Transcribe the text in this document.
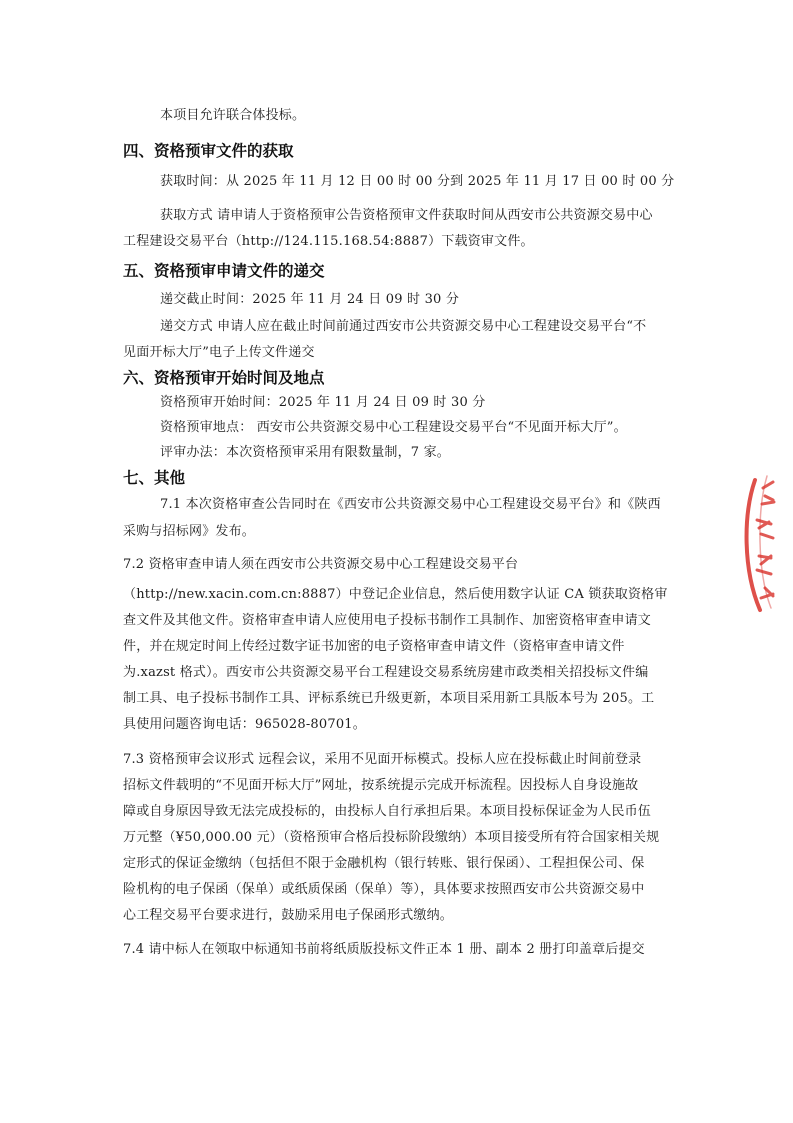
本项目允许联合体投标。
四、资格预审文件的获取
获取时间：从 2025 年 11 月 12 日 00 时 00 分到 2025 年 11 月 17 日 00 时 00 分
获取方式 请申请人于资格预审公告资格预审文件获取时间从西安市公共资源交易中心
工程建设交易平台（http://124.115.168.54:8887）下载资审文件。
五、资格预审申请文件的递交
递交截止时间：2025 年 11 月 24 日 09 时 30 分
递交方式 申请人应在截止时间前通过西安市公共资源交易中心工程建设交易平台“不
见面开标大厅”电子上传文件递交
六、资格预审开始时间及地点
资格预审开始时间：2025 年 11 月 24 日 09 时 30 分
资格预审地点： 西安市公共资源交易中心工程建设交易平台“不见面开标大厅”。
评审办法：本次资格预审采用有限数量制，7 家。
七、其他
7.1 本次资格审查公告同时在《西安市公共资源交易中心工程建设交易平台》和《陕西
采购与招标网》发布。
7.2 资格审查申请人须在西安市公共资源交易中心工程建设交易平台
（http://new.xacin.com.cn:8887）中登记企业信息，然后使用数字认证 CA 锁获取资格审
查文件及其他文件。资格审查申请人应使用电子投标书制作工具制作、加密资格审查申请文
件，并在规定时间上传经过数字证书加密的电子资格审查申请文件（资格审查申请文件
为.xazst 格式）。西安市公共资源交易平台工程建设交易系统房建市政类相关招投标文件编
制工具、电子投标书制作工具、评标系统已升级更新，本项目采用新工具版本号为 205。工
具使用问题咨询电话：965028-80701。
7.3 资格预审会议形式 远程会议，采用不见面开标模式。投标人应在投标截止时间前登录
招标文件载明的“不见面开标大厅”网址，按系统提示完成开标流程。因投标人自身设施故
障或自身原因导致无法完成投标的，由投标人自行承担后果。本项目投标保证金为人民币伍
万元整（¥50,000.00 元）（资格预审合格后投标阶段缴纳）本项目接受所有符合国家相关规
定形式的保证金缴纳（包括但不限于金融机构（银行转账、银行保函）、工程担保公司、保
险机构的电子保函（保单）或纸质保函（保单）等），具体要求按照西安市公共资源交易中
心工程交易平台要求进行，鼓励采用电子保函形式缴纳。
7.4 请中标人在领取中标通知书前将纸质版投标文件正本 1 册、副本 2 册打印盖章后提交
